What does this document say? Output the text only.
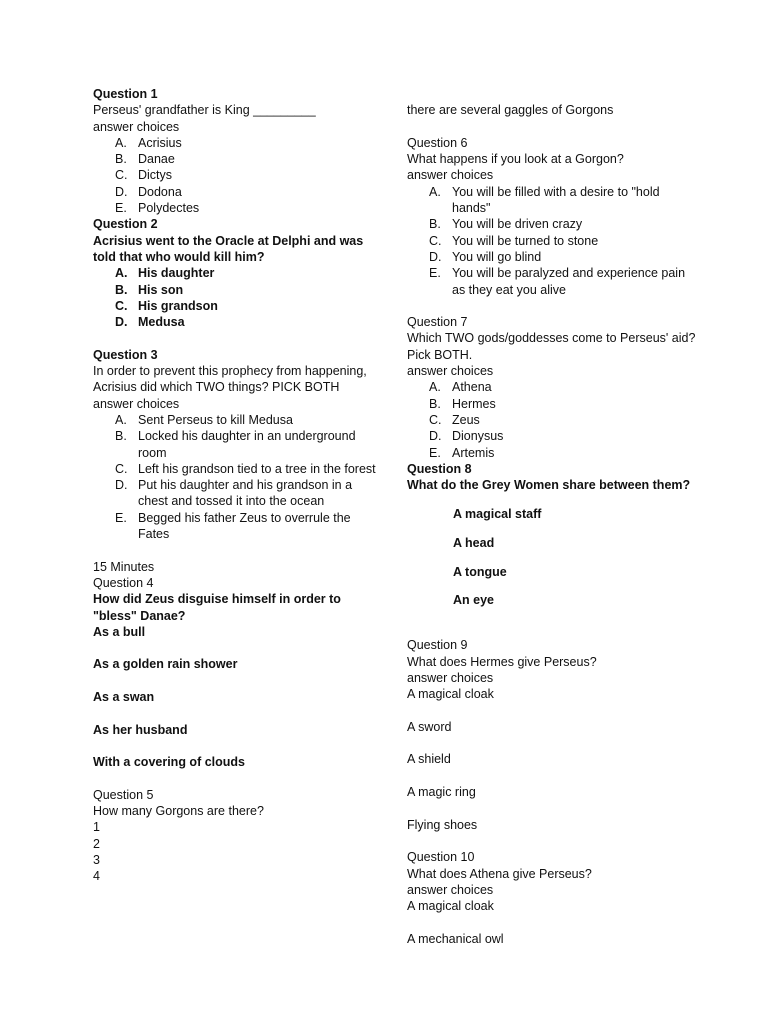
Question 1

Perseus' grandfather is King _________

answer choices

A. Acrisius
B. Danae
C. Dictys
D. Dodona
E. Polydectes

Question 2

Acrisius went to the Oracle at Delphi and was told that who would kill him?

A. His daughter
B. His son
C. His grandson
D. Medusa

Question 3

In order to prevent this prophecy from happening, Acrisius did which TWO things? PICK BOTH

answer choices

A. Sent Perseus to kill Medusa
B. Locked his daughter in an underground room
C. Left his grandson tied to a tree in the forest
D. Put his daughter and his grandson in a chest and tossed it into the ocean
E. Begged his father Zeus to overrule the Fates

15 Minutes

Question 4

How did Zeus disguise himself in order to "bless" Danae?

As a bull

As a golden rain shower

As a swan

As her husband

With a covering of clouds

Question 5

How many Gorgons are there?

1

2

3

4

there are several gaggles of Gorgons

Question 6

What happens if you look at a Gorgon?

answer choices

A. You will be filled with a desire to "hold hands"
B. You will be driven crazy
C. You will be turned to stone
D. You will go blind
E. You will be paralyzed and experience pain as they eat you alive

Question 7

Which TWO gods/goddesses come to Perseus' aid? Pick BOTH.

answer choices

A. Athena
B. Hermes
C. Zeus
D. Dionysus
E. Artemis

Question 8

What do the Grey Women share between them?

A magical staff

A head

A tongue

An eye

Question 9

What does Hermes give Perseus?

answer choices

A magical cloak

A sword

A shield

A magic ring

Flying shoes

Question 10

What does Athena give Perseus?

answer choices

A magical cloak

A mechanical owl
